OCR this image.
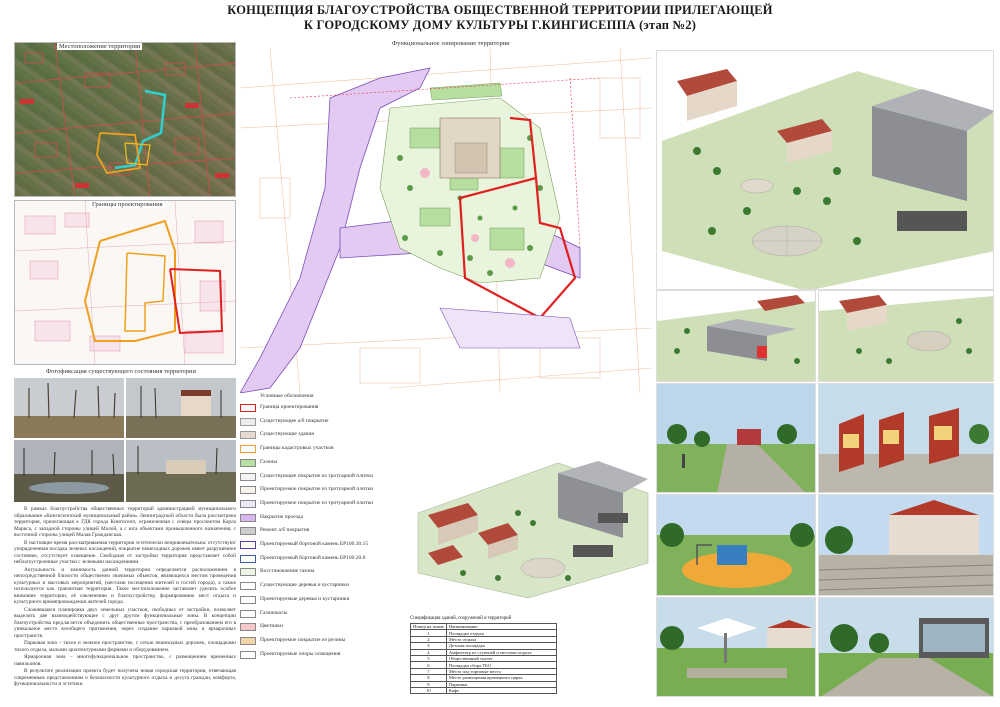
КОНЦЕПЦИЯ БЛАГОУСТРОЙСТВА ОБЩЕСТВЕННОЙ ТЕРРИТОРИИ ПРИЛЕГАЮЩЕЙ
К ГОРОДСКОМУ ДОМУ КУЛЬТУРЫ Г.КИНГИСЕППА (этап №2)
Местоположение территории
Границы проектирования
Фотофиксация существующего состояния территории

В рамках благоустройства общественных территорий администрацией муниципального образования «Кингисеппский муниципальный район» Ленинградской области была рассмотрена территория, прилегающая к ГДК города Кингисепп, ограниченная с севера проспектом Карла Маркса, с западной стороны улицей Малой, а с юга объектами промышленного назначения, с восточной стороны улицей Малая Гражданская.

В настоящее время рассматриваемая территория эстетически непривлекательна: отсутствуют упорядоченная посадка зеленых насаждений, покрытие пешеходных дорожек имеет разрушенное состояние, отсутствует освещение. Свободная от застройки территория представляет собой неблагоустроенные участки с зелеными насаждениями.

Актуальность и значимость данной территории определяется расположением в непосредственной близости общественно значимых объектов, являющихся местом проведения культурных и массовых мероприятий, (местами посещения жителей и гостей города), а также используется как транзитная территория. Такое местоположение заставляет уделить особое внимание территории, её озеленению и благоустройству, формированию мест отдыха и культурного времяпровождения жителей города.

Сложившаяся планировка двух земельных участков, свободных от застройки, позволяет выделить две взаимодействующие с друг другом функциональные зоны. В концепции благоустройства предлагается объединить общественные пространства, с преобразованием его в уникальное место всеобщего притяжения, через создание парковой зоны и ярмарочных пространств.

Парковая зона – тихое и зеленое пространство, с сетью пешеходных дорожек, площадками тихого отдыха, малыми архитектурными формами и оборудованием.

Ярмарочная зона – многофункциональное пространство, с размещением временных павильонов.

В результате реализации проекта будет получена новая городская территория, отвечающая современным представлениям о безопасности культурного отдыха и досуга граждан, комфорта, функциональности и эстетики.

Функциональное зонирование территории
Условные обозначения
Граница проектирования
Существующее а/б покрытие
Существующие здания
Границы кадастровых участков
Газоны
Существующее покрытие из тротуарной плитки
Проектируемое покрытие из тротуарной плитки
Проектируемое покрытие из тротуарной плитки
Накрытие проезда
Ремонт а/б покрытия
Проектируемый бортовой камень БР100.30.15
Проектируемый бортовой камень БР100.20.8
Восстановление газона
Существующие деревья и кустарники
Проектируемые деревья и кустарники
Газонокосы
Цветники
Проектируемое покрытие из резины
Проектируемые опоры освещения
Спецификация зданий, сооружений и территорий
Номер на плане	Наименование
1	Площадка отдыха
2	Место отдыха
3	Детская площадка
4	Амфитеатр из ступеней и местами отдыха
5	Общественный туалет
6	Площадка сбора ТБО
7	Место под торговые места
8	Место размещения временного цирка
9	Парковка
10	Кафе
